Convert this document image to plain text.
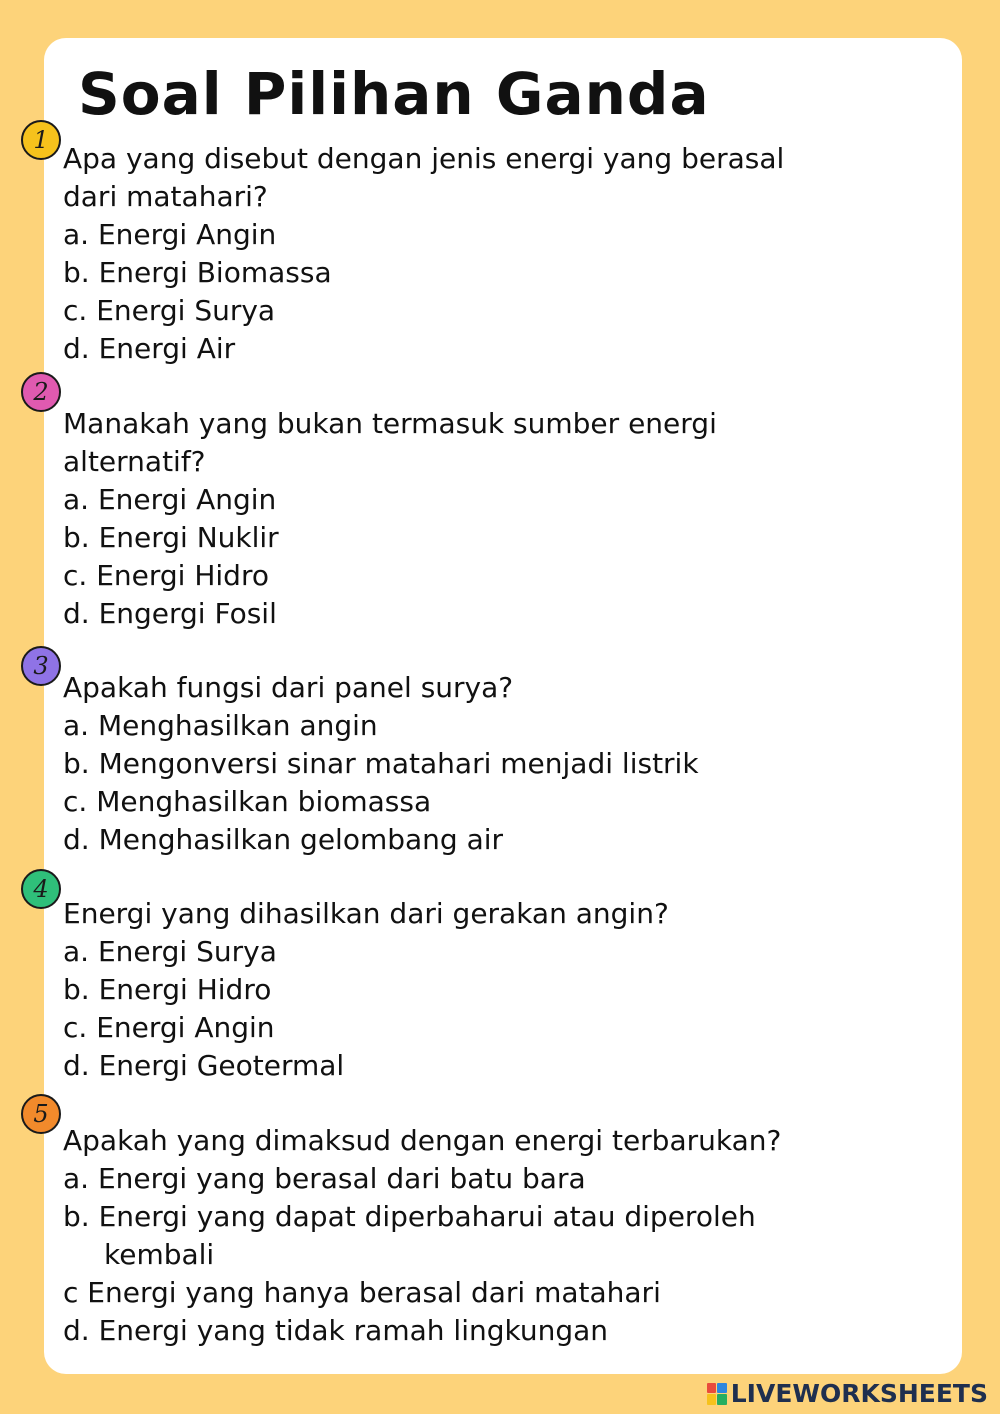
Soal Pilihan Ganda
1
Apa yang disebut dengan jenis energi yang berasal
dari matahari?
a. Energi Angin
b. Energi Biomassa
c. Energi Surya
d. Energi Air
2
Manakah yang bukan termasuk sumber energi
alternatif?
a. Energi Angin
b. Energi Nuklir
c. Energi Hidro
d. Engergi Fosil
3
Apakah fungsi dari panel surya?
a. Menghasilkan angin
b. Mengonversi sinar matahari menjadi listrik
c. Menghasilkan biomassa
d. Menghasilkan gelombang air
4
Energi yang dihasilkan dari gerakan angin?
a. Energi Surya
b. Energi Hidro
c. Energi Angin
d. Energi Geotermal
5
Apakah yang dimaksud dengan energi terbarukan?
a. Energi yang berasal dari batu bara
b. Energi yang dapat diperbaharui atau diperoleh
kembali
c Energi yang hanya berasal dari matahari
d. Energi yang tidak ramah lingkungan
LIVEWORKSHEETS
